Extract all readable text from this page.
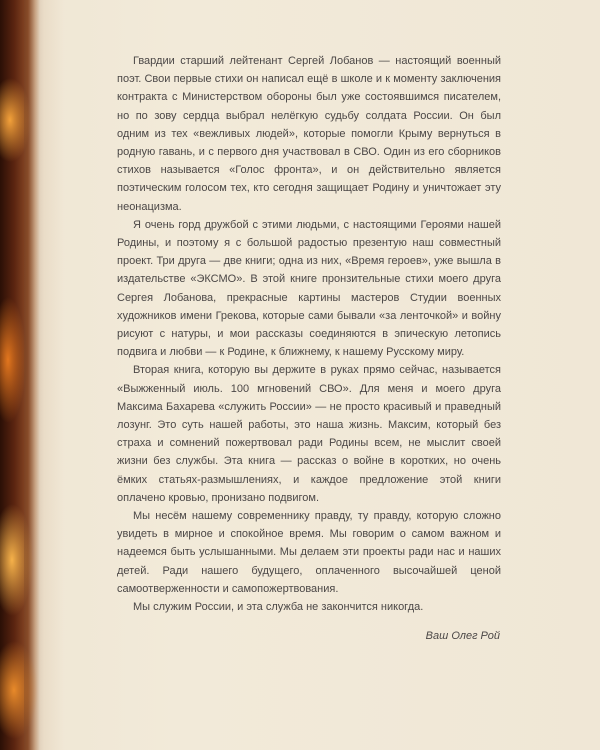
Гвардии старший лейтенант Сергей Лобанов — настоящий военный поэт. Свои первые стихи он написал ещё в школе и к моменту заключения контракта с Министерством обороны был уже состоявшимся писателем, но по зову сердца выбрал нелёгкую судьбу солдата России. Он был одним из тех «вежливых людей», которые помогли Крыму вернуться в родную гавань, и с первого дня участвовал в СВО. Один из его сборников стихов называется «Голос фронта», и он действительно являeтся поэтическим голосом тех, кто сегодня защищает Родину и уничтожает эту неонацизма.

Я очень горд дружбой с этими людьми, с настоящими Героями нашей Родины, и поэтому я с большой радостью презентую наш совместный проект. Три друга — две книги; одна из них, «Время героев», уже вышла в издательстве «ЭКСМО». В этой книге пронзительные стихи моего друга Сергея Лобанова, прекрасные картины мастеров Студии военных художников имени Грекова, которые сами бывали «за ленточкой» и войну рисуют с натуры, и мои рассказы соединяются в эпическую летопись подвига и любви — к Родине, к ближнему, к нашему Русскому миру.

Вторая книга, которую вы держите в руках прямо сейчас, называется «Выжженный июль. 100 мгновений СВО». Для меня и моего друга Максима Бахарева «служить России» — не просто красивый и праведный лозунг. Это суть нашей работы, это наша жизнь. Максим, который без страха и сомнений пожертвовал ради Родины всем, не мыслит своей жизни без службы. Эта книга — рассказ о войне в коротких, но очень ёмких статьях-размышлениях, и каждое предложение этой книги оплачено кровью, пронизано подвигом.

Мы несём нашему современнику правду, ту правду, которую сложно увидеть в мирное и спокойное время. Мы говорим о самом важном и надеемся быть услышанными. Мы делаем эти проекты ради нас и наших детей. Ради нашего будущего, оплаченного высочайшей ценой самоотверженности и самопожертвования.

Мы служим России, и эта служба не закончится никогда.

Ваш Олег Рой
